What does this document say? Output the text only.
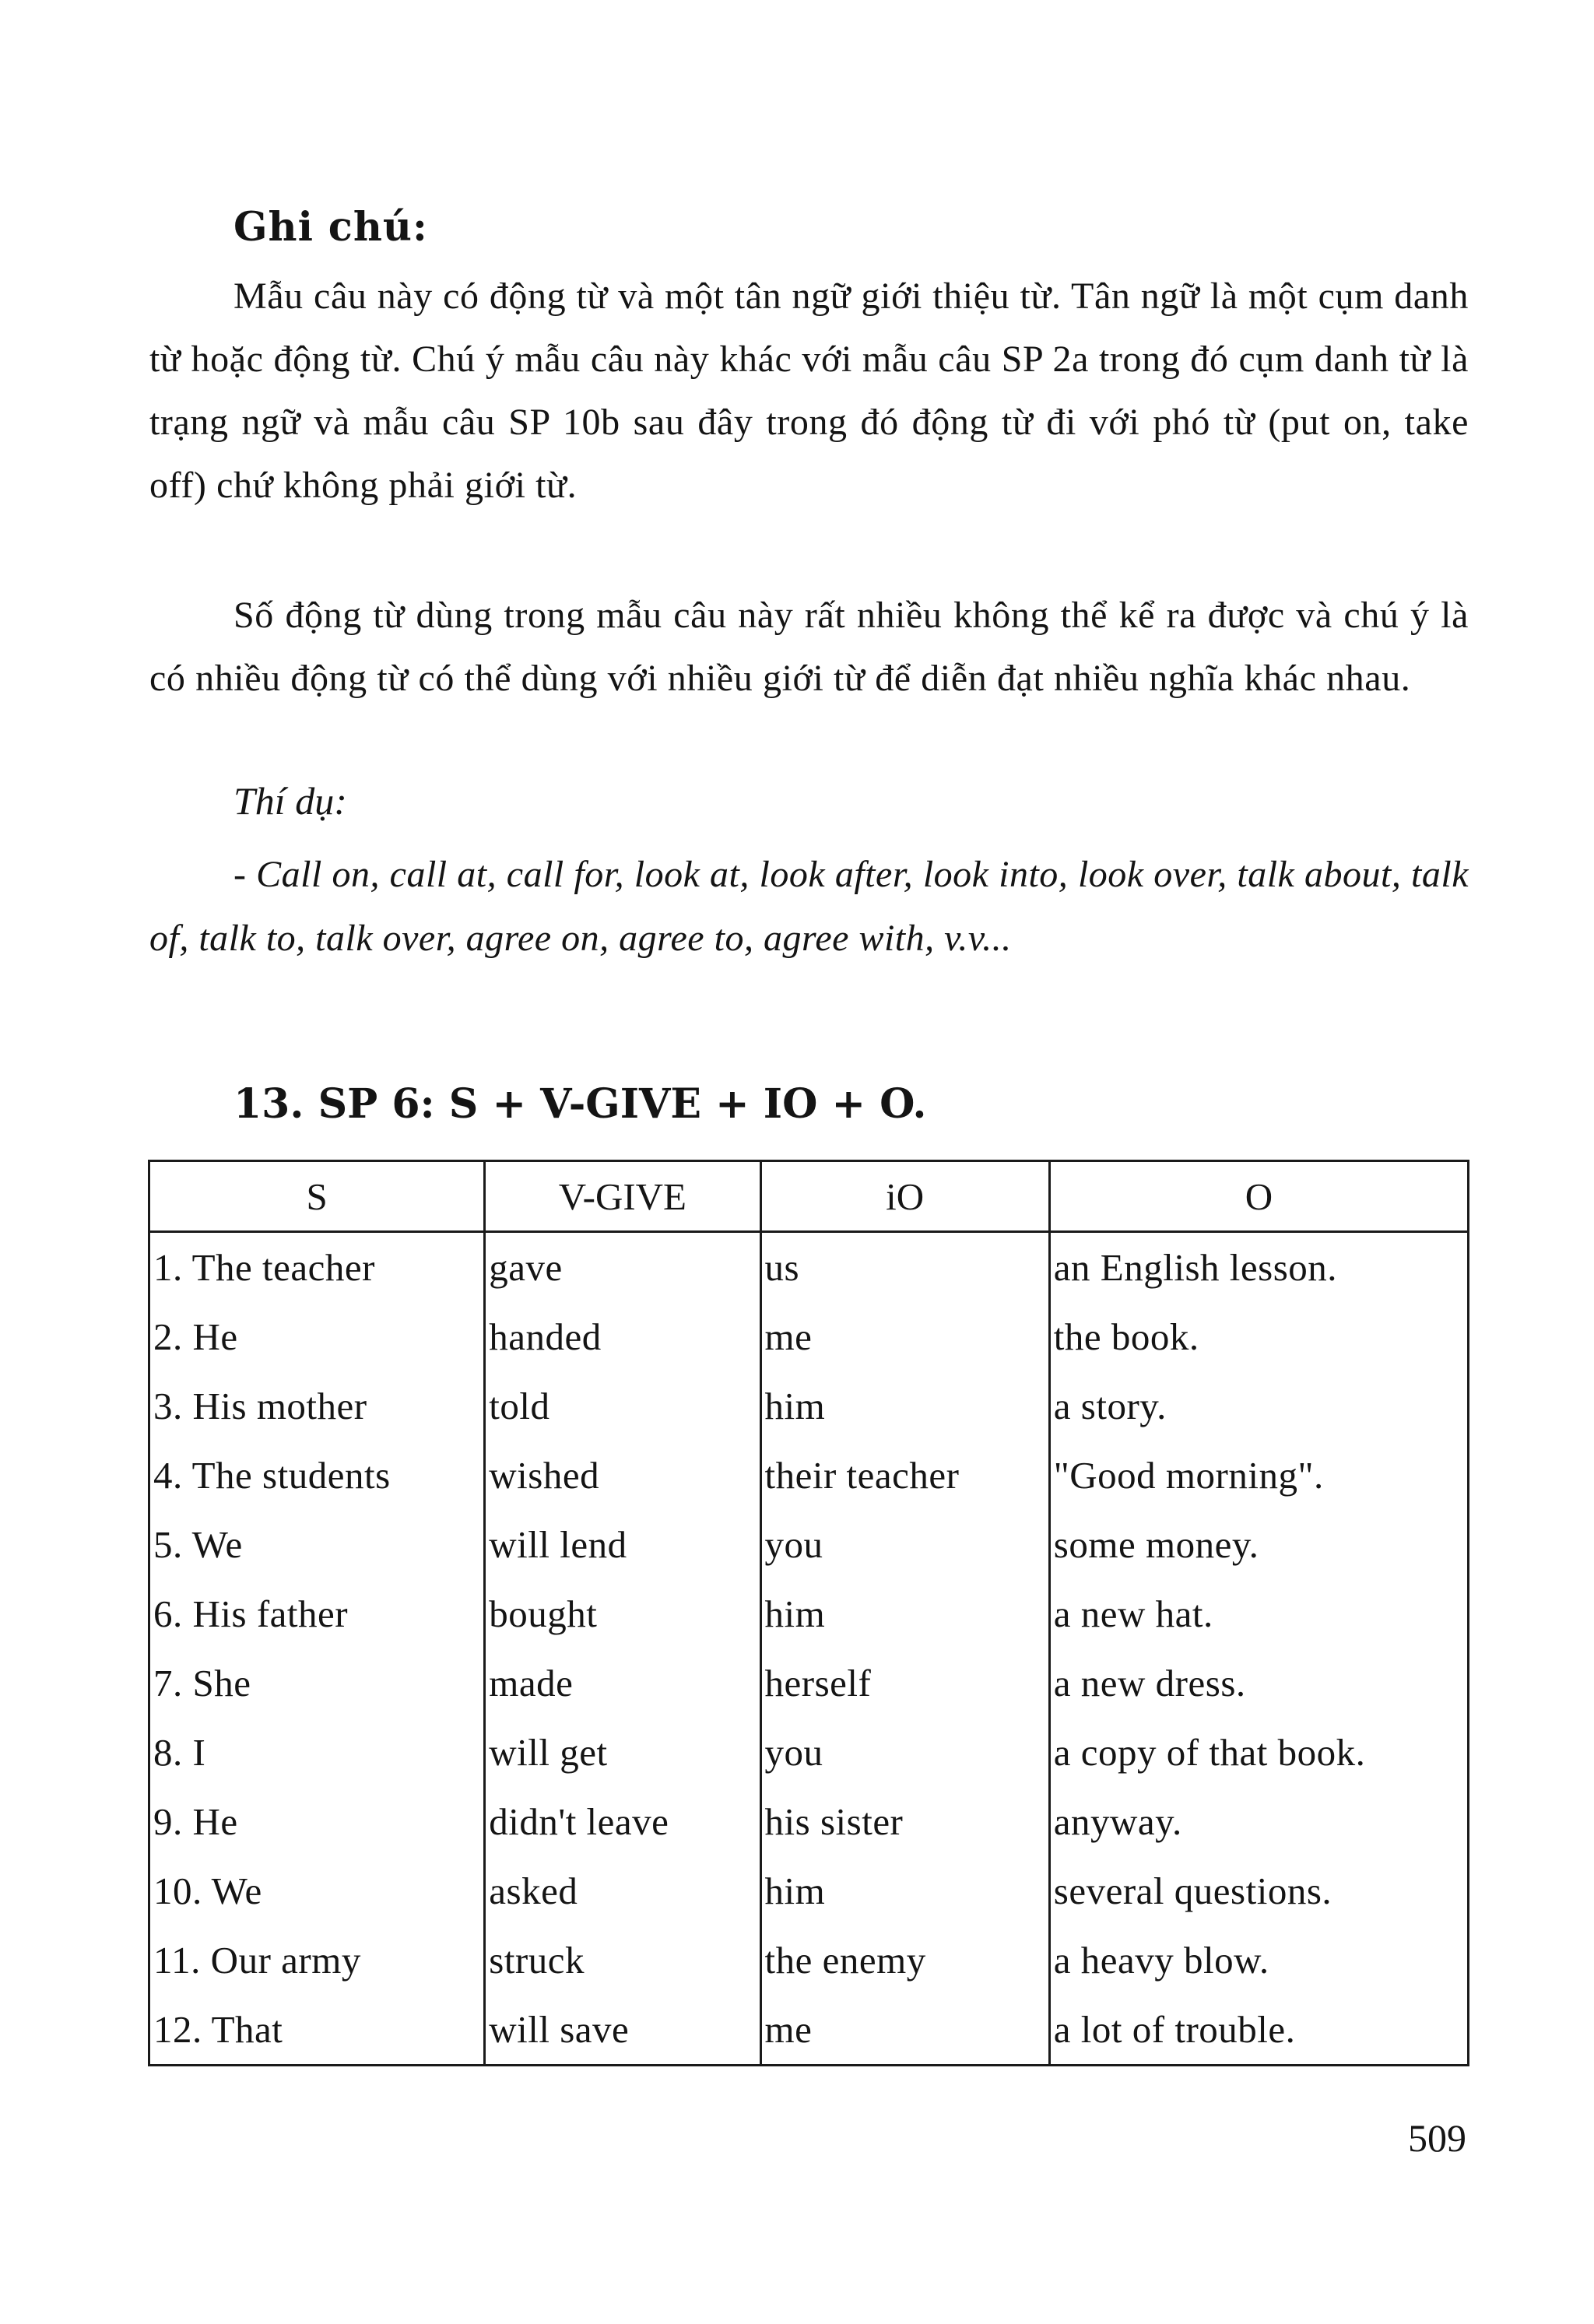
Ghi chú:
Mẫu câu này có động từ và một tân ngữ giới thiệu từ. Tân ngữ là một cụm danh từ hoặc động từ. Chú ý mẫu câu này khác với mẫu câu SP 2a trong đó cụm danh từ là trạng ngữ và mẫu câu SP 10b sau đây trong đó động từ đi với phó từ (put on, take off) chứ không phải giới từ.
Số động từ dùng trong mẫu câu này rất nhiều không thể kể ra được và chú ý là có nhiều động từ có thể dùng với nhiều giới từ để diễn đạt nhiều nghĩa khác nhau.
Thí dụ:
- Call on, call at, call for, look at, look after, look into, look over, talk about, talk of, talk to, talk over, agree on, agree to, agree with, v.v...
13. SP 6: S + V-GIVE + IO + O.
S	V-GIVE	iO	O
1. The teacher	gave	us	an English lesson.
2. He	handed	me	the book.
3. His mother	told	him	a story.
4. The students	wished	their teacher	"Good morning".
5. We	will lend	you	some money.
6. His father	bought	him	a new hat.
7. She	made	herself	a new dress.
8. I	will get	you	a copy of that book.
9. He	didn't leave	his sister	anyway.
10. We	asked	him	several questions.
11. Our army	struck	the enemy	a heavy blow.
12. That	will save	me	a lot of trouble.
509
